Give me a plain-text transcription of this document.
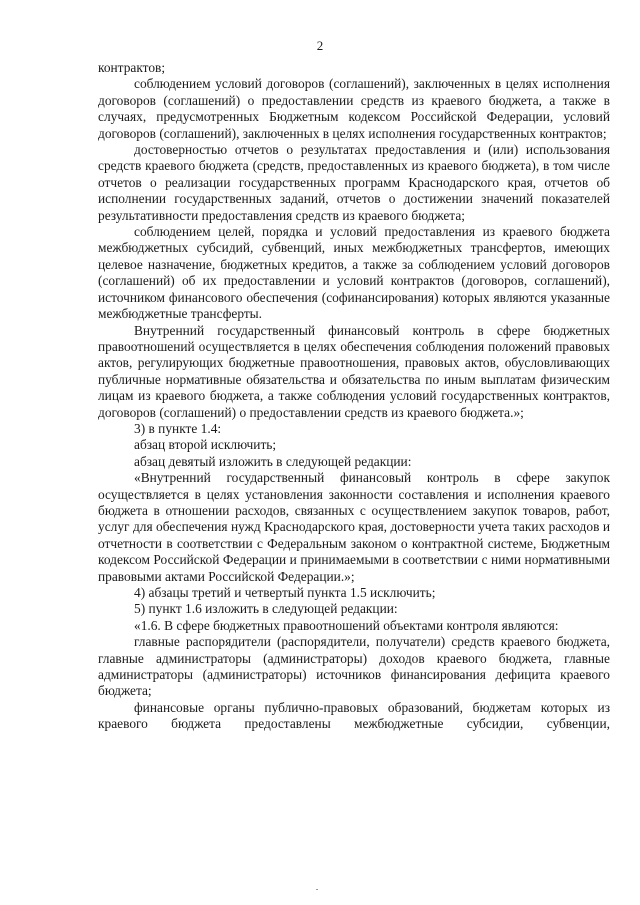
2

контрактов;

соблюдением условий договоров (соглашений), заключенных в целях исполнения договоров (соглашений) о предоставлении средств из краевого бюджета, а также в случаях, предусмотренных Бюджетным кодексом Российской Федерации, условий договоров (соглашений), заключенных в целях исполнения государственных контрактов;

достоверностью отчетов о результатах предоставления и (или) использования средств краевого бюджета (средств, предоставленных из краевого бюджета), в том числе отчетов о реализации государственных программ Краснодарского края, отчетов об исполнении государственных заданий, отчетов о достижении значений показателей результативности предоставления средств из краевого бюджета;

соблюдением целей, порядка и условий предоставления из краевого бюджета межбюджетных субсидий, субвенций, иных межбюджетных трансфертов, имеющих целевое назначение, бюджетных кредитов, а также за соблюдением условий договоров (соглашений) об их предоставлении и условий контрактов (договоров, соглашений), источником финансового обеспечения (софинансирования) которых являются указанные межбюджетные трансферты.

Внутренний государственный финансовый контроль в сфере бюджетных правоотношений осуществляется в целях обеспечения соблюдения положений правовых актов, регулирующих бюджетные правоотношения, правовых актов, обусловливающих публичные нормативные обязательства и обязательства по иным выплатам физическим лицам из краевого бюджета, а также соблюдения условий государственных контрактов, договоров (соглашений) о предоставлении средств из краевого бюджета.»;

3) в пункте 1.4:

абзац второй исключить;

абзац девятый изложить в следующей редакции:

«Внутренний государственный финансовый контроль в сфере закупок осуществляется в целях установления законности составления и исполнения краевого бюджета в отношении расходов, связанных с осуществлением закупок товаров, работ, услуг для обеспечения нужд Краснодарского края, достоверности учета таких расходов и отчетности в соответствии с Федеральным законом о контрактной системе, Бюджетным кодексом Российской Федерации и принимаемыми в соответствии с ними нормативными правовыми актами Российской Федерации.»;

4) абзацы третий и четвертый пункта 1.5 исключить;

5) пункт 1.6 изложить в следующей редакции:

«1.6. В сфере бюджетных правоотношений объектами контроля являются:

главные распорядители (распорядители, получатели) средств краевого бюджета, главные администраторы (администраторы) доходов краевого бюджета, главные администраторы (администраторы) источников финансирования дефицита краевого бюджета;

финансовые органы публично-правовых образований, бюджетам которых из краевого бюджета предоставлены межбюджетные субсидии, субвенции,
